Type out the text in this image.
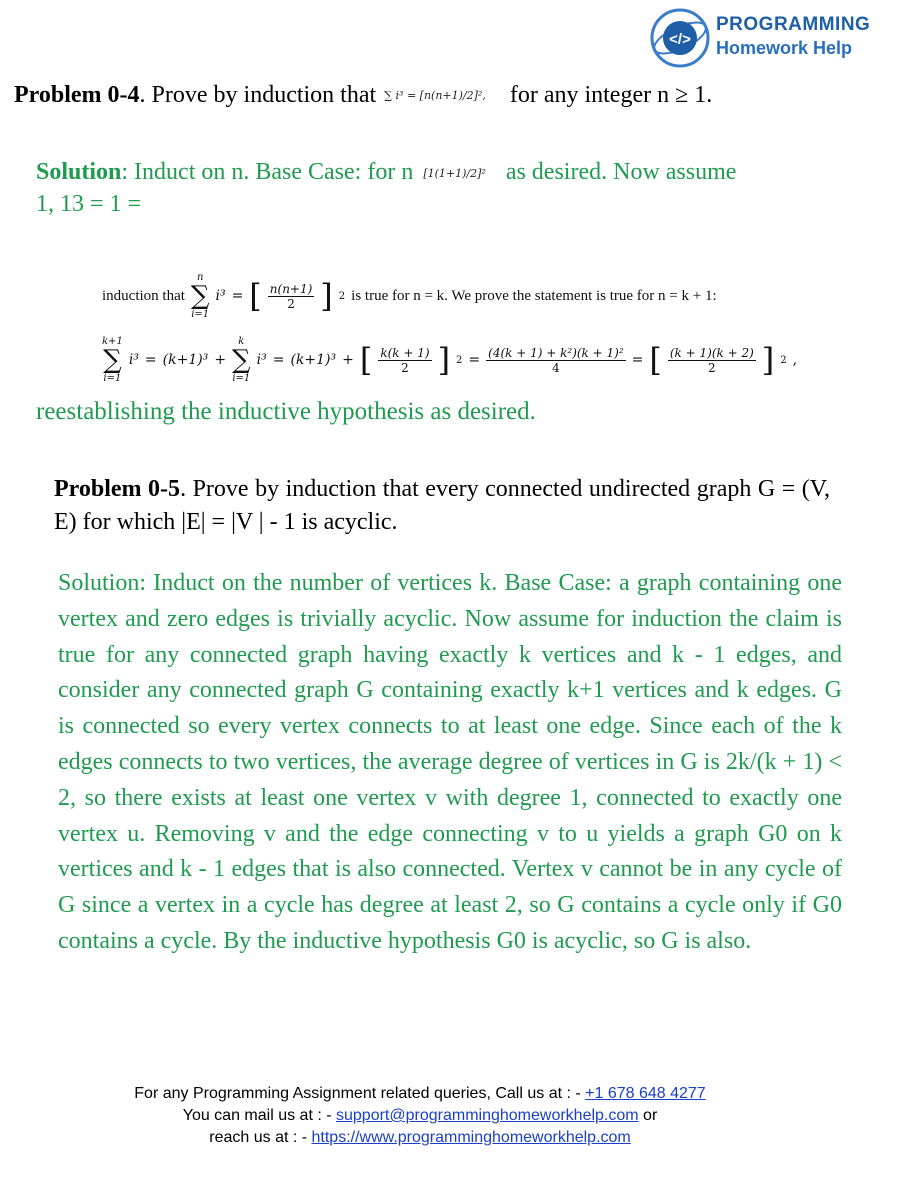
</>
PROGRAMMING
Homework Help
Problem 0-4. Prove by induction that ∑ i³ = [n(n+1)/2]², for any integer n ≥ 1.
Solution: Induct on n. Base Case: for n [1(1+1)/2]² as desired. Now assume
1, 13 = 1 =
induction that
n
∑
i=1
i³ = [ $\frac{n(n+1)}{2}$ ] 2 is true for n = k. We prove the statement is true for n = k + 1:
k+1
∑
i=1
i³ = (k+1)³ +
k
∑
i=1
i³ = (k+1)³ + [ $\frac{k(k + 1)}{2}$ ] $2 = \frac{\text{(4(k + 1) + k²)(k + 1)²}}{4}$ = [ $\frac{(k + 1)(k + 2)}{2}$ ] 2 ,
reestablishing the inductive hypothesis as desired.
Problem 0-5. Prove by induction that every connected undirected graph G = (V, E) for which |E| = |V | - 1 is acyclic.
Solution: Induct on the number of vertices k. Base Case: a graph containing one vertex and zero edges is trivially acyclic. Now assume for induction the claim is true for any connected graph having exactly k vertices and k - 1 edges, and consider any connected graph G containing exactly k+1 vertices and k edges. G is connected so every vertex connects to at least one edge. Since each of the k edges connects to two vertices, the average degree of vertices in G is 2k/(k + 1) < 2, so there exists at least one vertex v with degree 1, connected to exactly one vertex u. Removing v and the edge connecting v to u yields a graph G0 on k vertices and k - 1 edges that is also connected. Vertex v cannot be in any cycle of G since a vertex in a cycle has degree at least 2, so G contains a cycle only if G0 contains a cycle. By the inductive hypothesis G0 is acyclic, so G is also.
For any Programming Assignment related queries, Call us at : - +1 678 648 4277
You can mail us at : - support@programminghomeworkhelp.com or
reach us at : - https://www.programminghomeworkhelp.com
